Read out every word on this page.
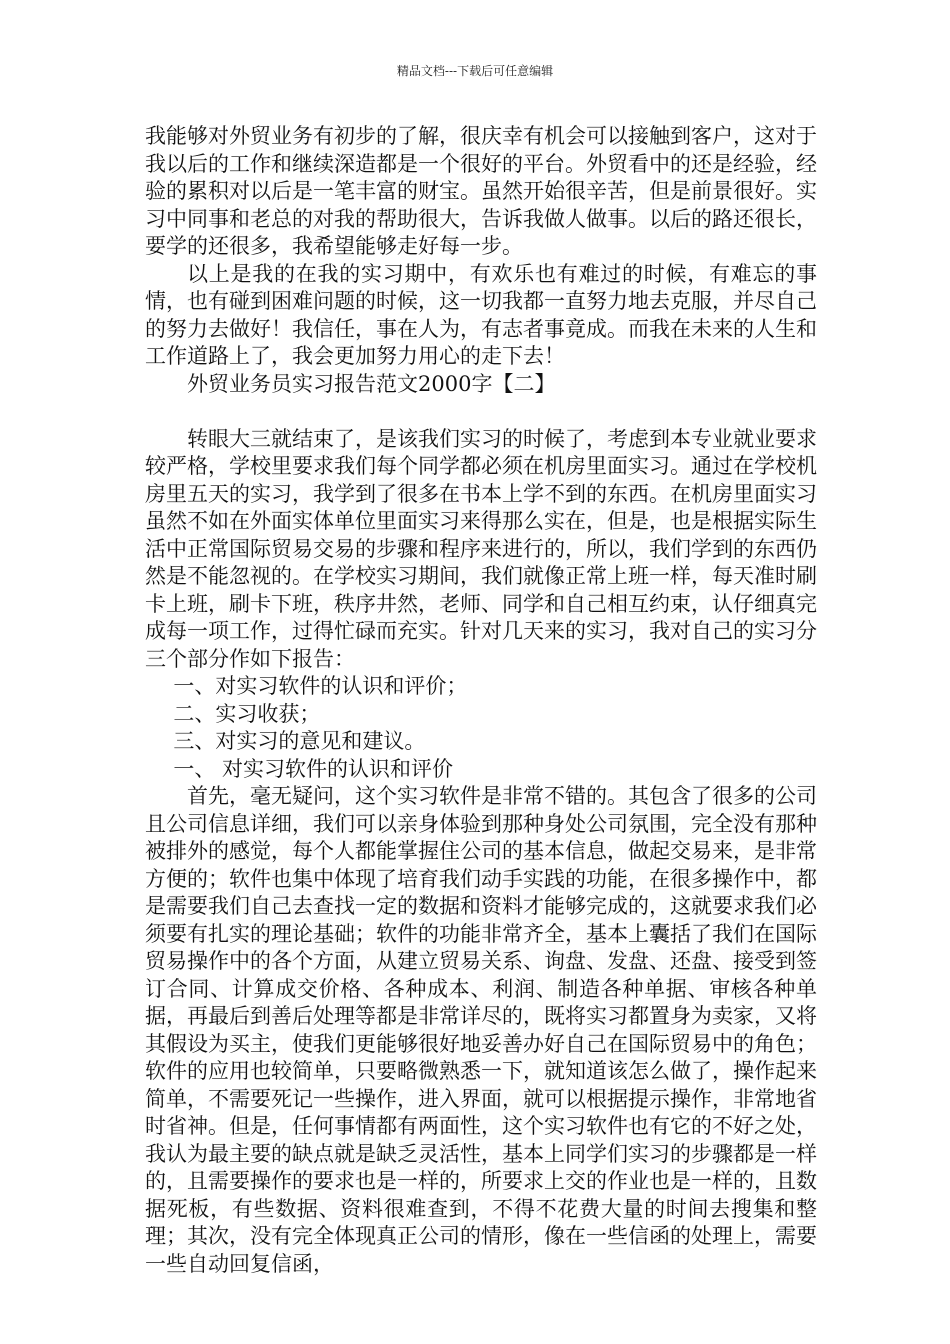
精品文档---下载后可任意编辑

我能够对外贸业务有初步的了解，很庆幸有机会可以接触到客户，这对于我以后的工作和继续深造都是一个很好的平台。外贸看中的还是经验，经验的累积对以后是一笔丰富的财宝。虽然开始很辛苦，但是前景很好。实习中同事和老总的对我的帮助很大，告诉我做人做事。以后的路还很长，要学的还很多，我希望能够走好每一步。

以上是我的在我的实习期中，有欢乐也有难过的时候，有难忘的事情，也有碰到困难问题的时候，这一切我都一直努力地去克服，并尽自己的努力去做好！我信任，事在人为，有志者事竟成。而我在未来的人生和工作道路上了，我会更加努力用心的走下去！

外贸业务员实习报告范文2000字【二】

转眼大三就结束了，是该我们实习的时候了，考虑到本专业就业要求较严格，学校里要求我们每个同学都必须在机房里面实习。通过在学校机房里五天的实习，我学到了很多在书本上学不到的东西。在机房里面实习虽然不如在外面实体单位里面实习来得那么实在，但是，也是根据实际生活中正常国际贸易交易的步骤和程序来进行的，所以，我们学到的东西仍然是不能忽视的。在学校实习期间，我们就像正常上班一样，每天准时刷卡上班，刷卡下班，秩序井然，老师、同学和自己相互约束，认仔细真完成每一项工作，过得忙碌而充实。针对几天来的实习，我对自己的实习分三个部分作如下报告：

一、对实习软件的认识和评价；

二、实习收获；

三、对实习的意见和建议。

一、 对实习软件的认识和评价

首先，毫无疑问，这个实习软件是非常不错的。其包含了很多的公司且公司信息详细，我们可以亲身体验到那种身处公司氛围，完全没有那种被排外的感觉，每个人都能掌握住公司的基本信息，做起交易来，是非常方便的；软件也集中体现了培育我们动手实践的功能，在很多操作中，都是需要我们自己去查找一定的数据和资料才能够完成的，这就要求我们必须要有扎实的理论基础；软件的功能非常齐全，基本上囊括了我们在国际贸易操作中的各个方面，从建立贸易关系、询盘、发盘、还盘、接受到签订合同、计算成交价格、各种成本、利润、制造各种单据、审核各种单据，再最后到善后处理等都是非常详尽的，既将实习都置身为卖家，又将其假设为买主，使我们更能够很好地妥善办好自己在国际贸易中的角色；软件的应用也较简单，只要略微熟悉一下，就知道该怎么做了，操作起来简单，不需要死记一些操作，进入界面，就可以根据提示操作，非常地省时省神。但是，任何事情都有两面性，这个实习软件也有它的不好之处，我认为最主要的缺点就是缺乏灵活性，基本上同学们实习的步骤都是一样的，且需要操作的要求也是一样的，所要求上交的作业也是一样的，且数据死板，有些数据、资料很难查到，不得不花费大量的时间去搜集和整理；其次，没有完全体现真正公司的情形，像在一些信函的处理上，需要一些自动回复信函，
